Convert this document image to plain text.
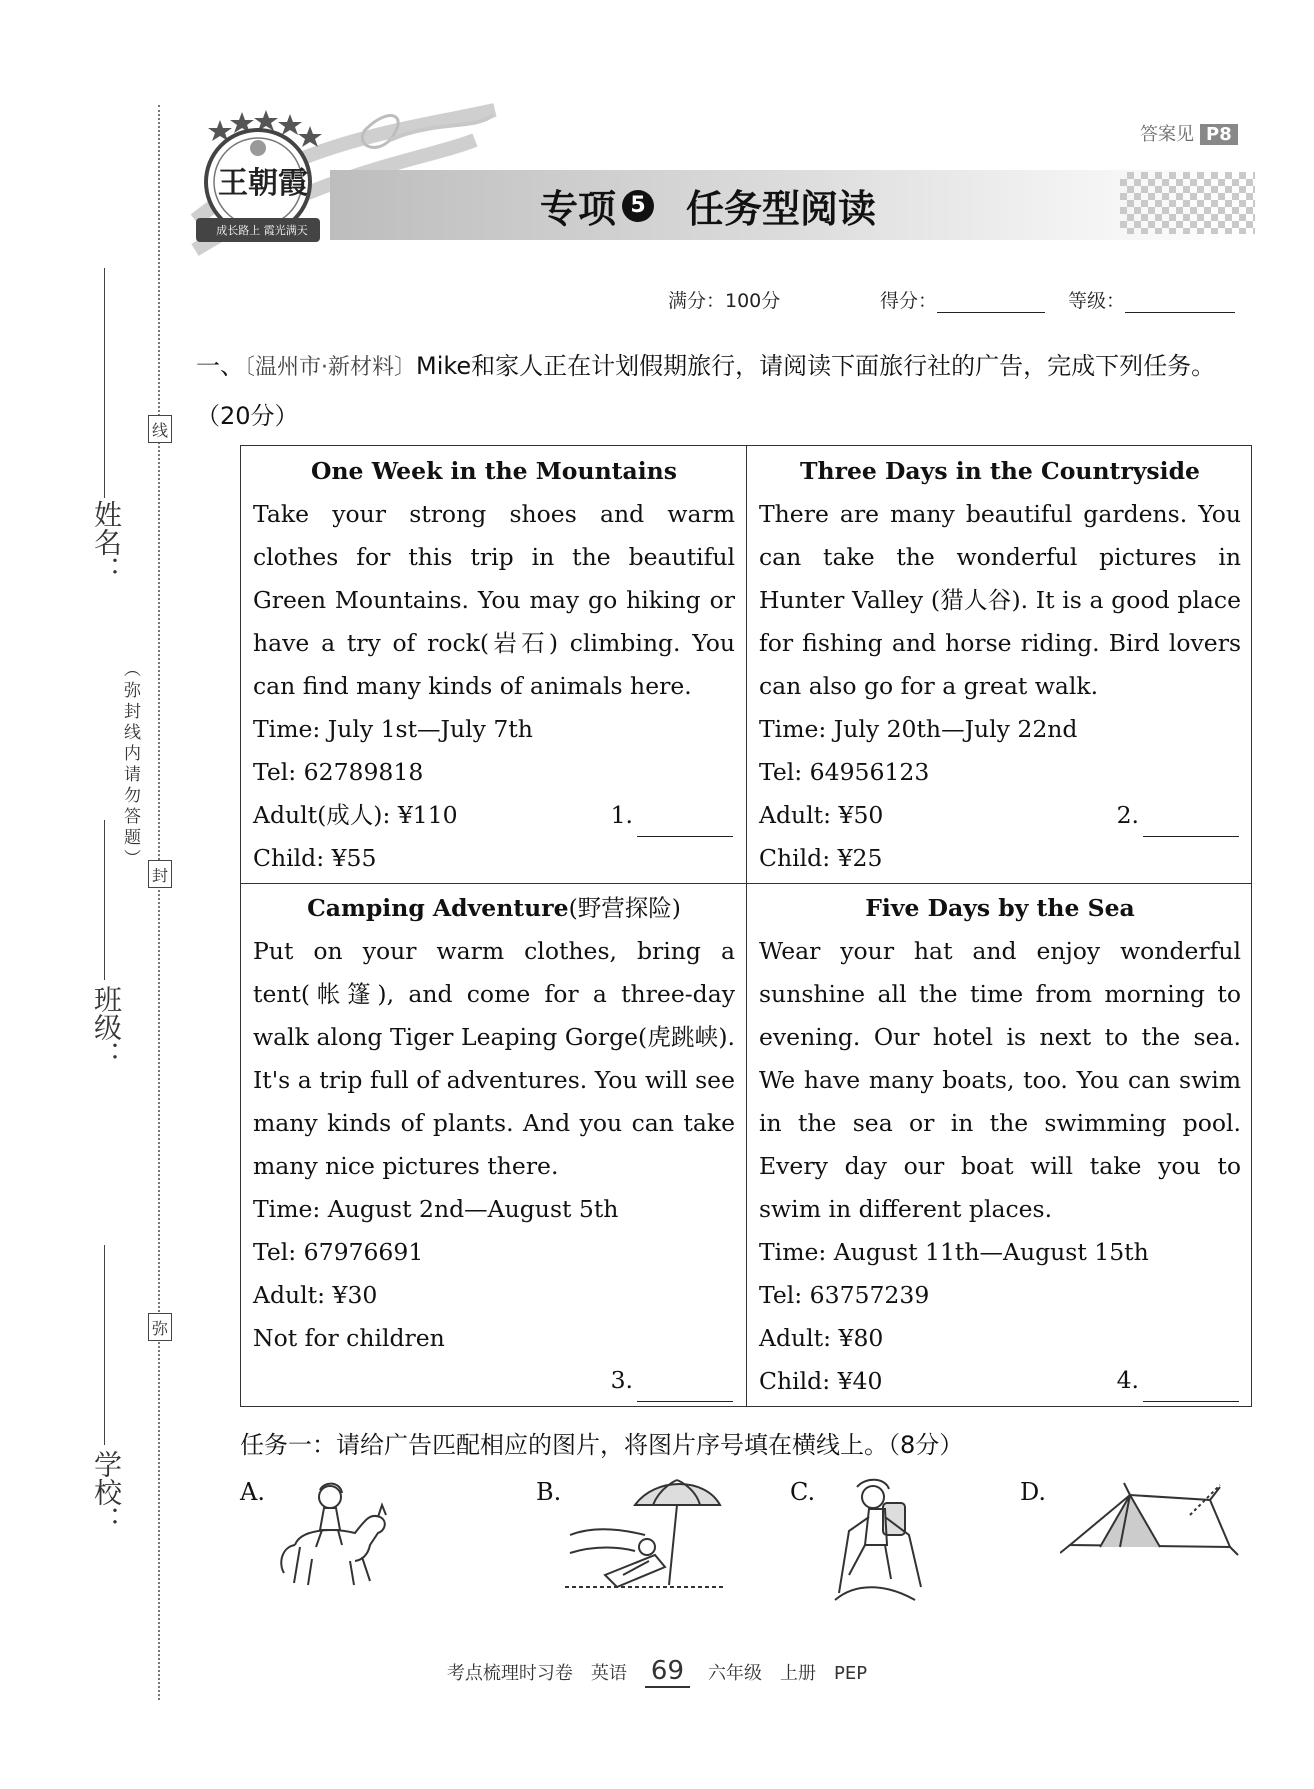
线
封
弥
（弥封线内请勿答题）
姓名：
班级：
学校：
答案见 P8
王朝霞
成长路上 霞光满天	专项 5 任务型阅读
满分：100分	得分：	等级：
一、〔温州市·新材料〕Mike和家人正在计划假期旅行，请阅读下面旅行社的广告，完成下列任务。（20分）
One Week in the Mountains

Take your strong shoes and warm clothes for this trip in the beautiful Green Mountains. You may go hiking or have a try of rock(岩石) climbing. You can find many kinds of animals here.

Time: July 1st—July 7th
Tel: 62789818
Adult(成人): ¥110
Child: ¥55
1.
Three Days in the Countryside

There are many beautiful gardens. You can take the wonderful pictures in Hunter Valley (猎人谷). It is a good place for fishing and horse riding. Bird lovers can also go for a great walk.

Time: July 20th—July 22nd
Tel: 64956123
Adult: ¥50
Child: ¥25
2.
Camping Adventure(野营探险)

Put on your warm clothes, bring a tent(帐篷), and come for a three-day walk along Tiger Leaping Gorge(虎跳峡). It's a trip full of adventures. You will see many kinds of plants. And you can take many nice pictures there.

Time: August 2nd—August 5th
Tel: 67976691
Adult: ¥30
Not for children
3.
Five Days by the Sea

Wear your hat and enjoy wonderful sunshine all the time from morning to evening. Our hotel is next to the sea. We have many boats, too. You can swim in the sea or in the swimming pool. Every day our boat will take you to swim in different places.

Time: August 11th—August 15th
Tel: 63757239
Adult: ¥80
Child: ¥40	4.
任务一：请给广告匹配相应的图片，将图片序号填在横线上。（8分）
A.	B.	C.	D.
考点梳理时习卷　英语 69 六年级　上册　PEP
